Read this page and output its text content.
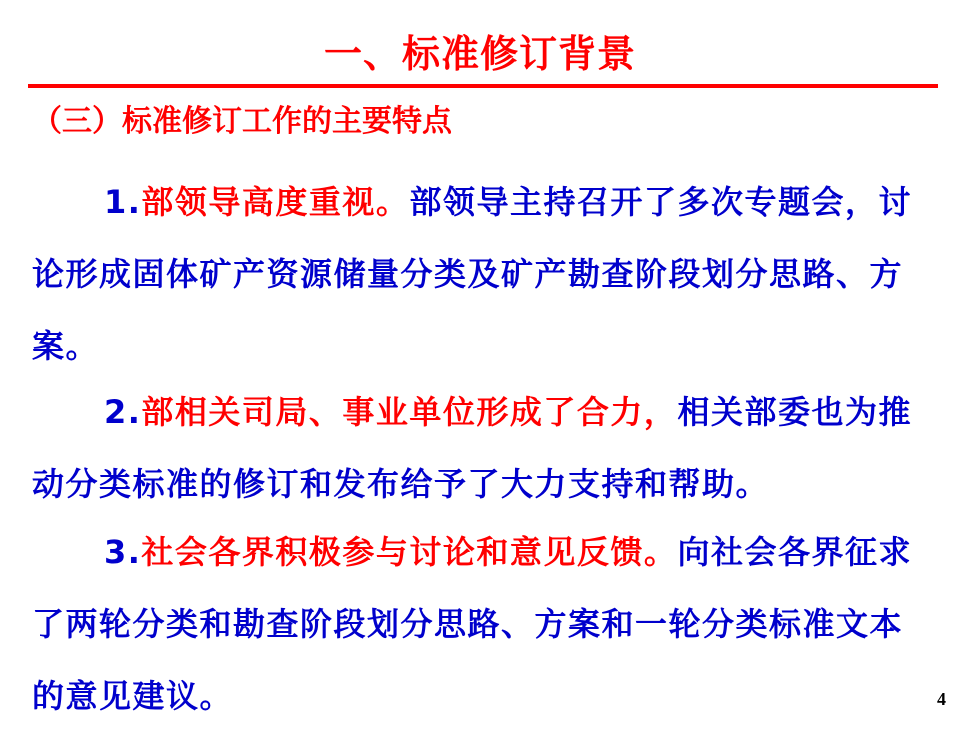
一、标准修订背景
（三）标准修订工作的主要特点
1.部领导高度重视。部领导主持召开了多次专题会，讨论形成固体矿产资源储量分类及矿产勘查阶段划分思路、方案。
2.部相关司局、事业单位形成了合力，相关部委也为推动分类标准的修订和发布给予了大力支持和帮助。
3.社会各界积极参与讨论和意见反馈。向社会各界征求了两轮分类和勘查阶段划分思路、方案和一轮分类标准文本的意见建议。	4
